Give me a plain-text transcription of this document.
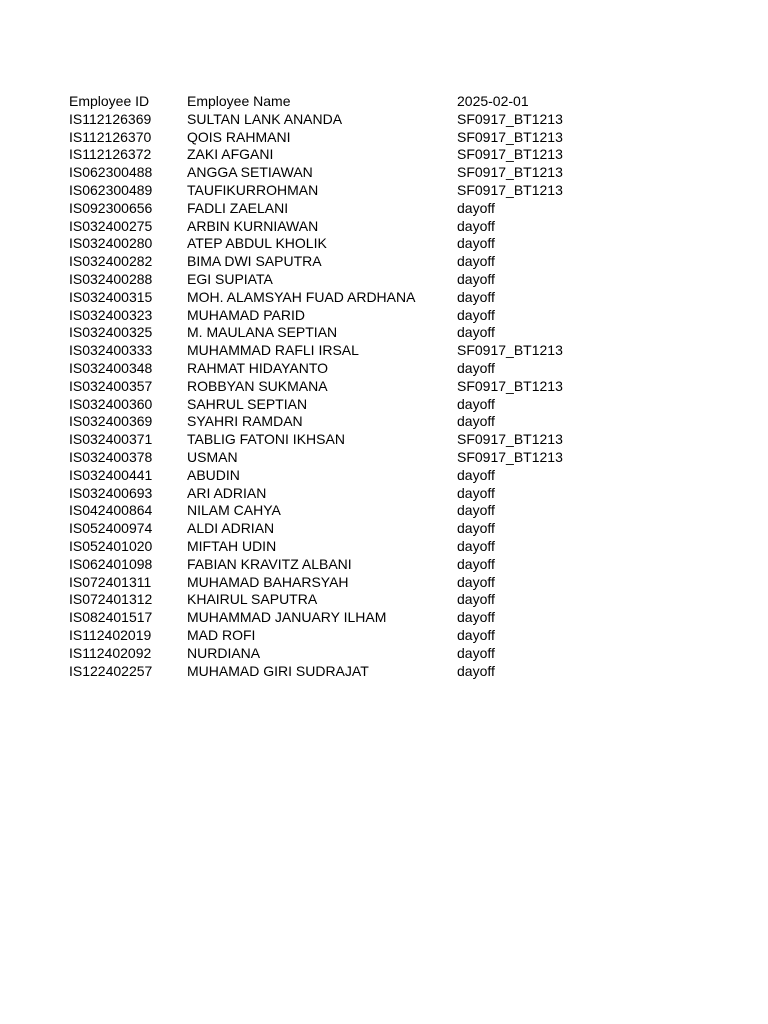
Employee ID	Employee Name	2025-02-01
IS112126369	SULTAN LANK ANANDA	SF0917_BT1213
IS112126370	QOIS RAHMANI	SF0917_BT1213
IS112126372	ZAKI AFGANI	SF0917_BT1213
IS062300488	ANGGA SETIAWAN	SF0917_BT1213
IS062300489	TAUFIKURROHMAN	SF0917_BT1213
IS092300656	FADLI ZAELANI	dayoff
IS032400275	ARBIN KURNIAWAN	dayoff
IS032400280	ATEP ABDUL KHOLIK	dayoff
IS032400282	BIMA DWI SAPUTRA	dayoff
IS032400288	EGI SUPIATA	dayoff
IS032400315	MOH. ALAMSYAH FUAD ARDHANA	dayoff
IS032400323	MUHAMAD PARID	dayoff
IS032400325	M. MAULANA SEPTIAN	dayoff
IS032400333	MUHAMMAD RAFLI IRSAL	SF0917_BT1213
IS032400348	RAHMAT HIDAYANTO	dayoff
IS032400357	ROBBYAN SUKMANA	SF0917_BT1213
IS032400360	SAHRUL SEPTIAN	dayoff
IS032400369	SYAHRI RAMDAN	dayoff
IS032400371	TABLIG FATONI IKHSAN	SF0917_BT1213
IS032400378	USMAN	SF0917_BT1213
IS032400441	ABUDIN	dayoff
IS032400693	ARI ADRIAN	dayoff
IS042400864	NILAM CAHYA	dayoff
IS052400974	ALDI ADRIAN	dayoff
IS052401020	MIFTAH UDIN	dayoff
IS062401098	FABIAN KRAVITZ ALBANI	dayoff
IS072401311	MUHAMAD BAHARSYAH	dayoff
IS072401312	KHAIRUL SAPUTRA	dayoff
IS082401517	MUHAMMAD JANUARY ILHAM	dayoff
IS112402019	MAD ROFI	dayoff
IS112402092	NURDIANA	dayoff
IS122402257	MUHAMAD GIRI SUDRAJAT	dayoff
